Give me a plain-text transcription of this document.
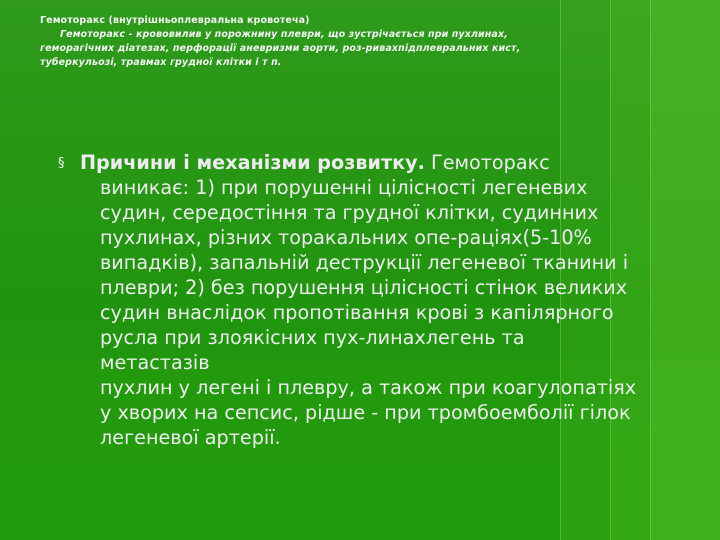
Гемоторакс (внутрішньоплевральна кровотеча)
Гемоторакс - крововилив у порожнину плеври, що зустрічається при пухлинах,
геморагічних діатезах, перфорації аневризми аорти, роз-ривахпідплевральних кист,
туберкульозі, травмах грудної клітки і т п.
§ Причини і механізми розвитку. Гемоторакс
виникає: 1) при порушенні цілісності легеневих
судин, середостіння та грудної клітки, судинних
пухлинах, різних торакальних опе-раціях(5-10%
випадків), запальній деструкції легеневої тканини і
плеври; 2) без порушення цілісності стінок великих
судин внаслідок пропотівання крові з капілярного
русла при злоякісних пух-линахлегень та метастазів
пухлин у легені і плевру, а також при коагулопатіях
у хворих на сепсис, рідше - при тромбоемболії гілок
легеневої артерії.
